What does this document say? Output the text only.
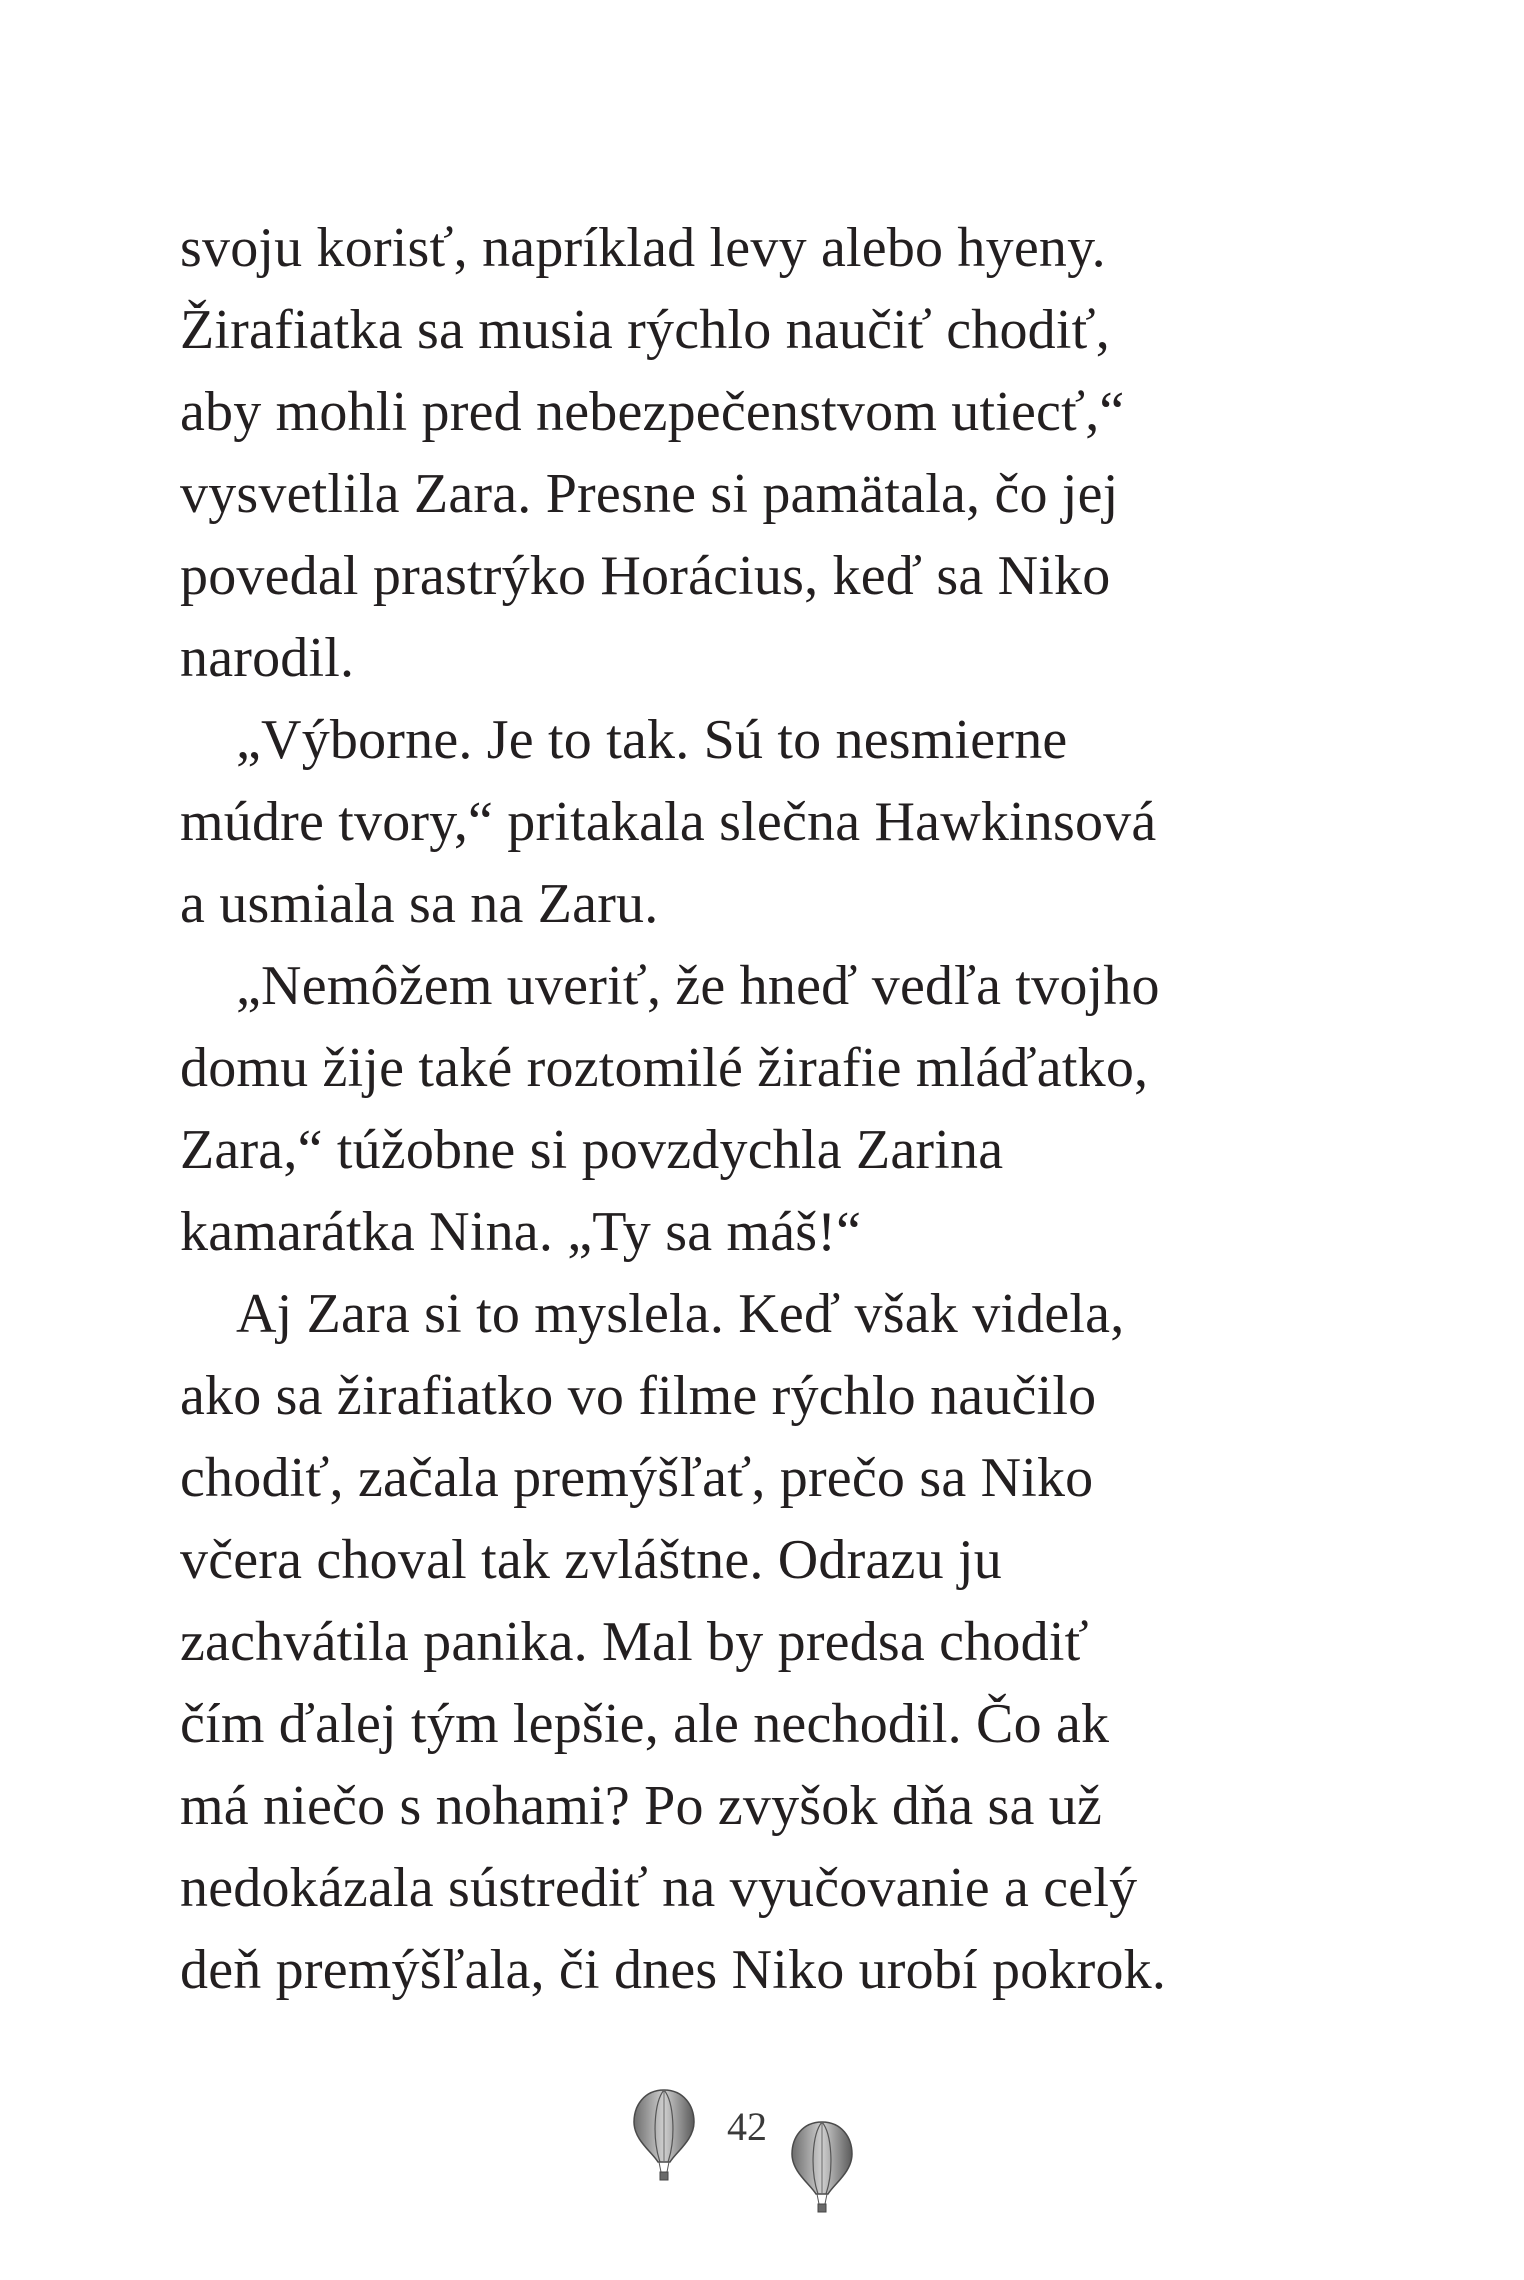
svoju korisť, napríklad levy alebo hyeny.
Žirafiatka sa musia rýchlo naučiť chodiť,
aby mohli pred nebezpečenstvom utiecť,“
vysvetlila Zara. Presne si pamätala, čo jej
povedal prastrýko Horácius, keď sa Niko
narodil.
„Výborne. Je to tak. Sú to nesmierne
múdre tvory,“ pritakala slečna Hawkinsová
a usmiala sa na Zaru.
„Nemôžem uveriť, že hneď vedľa tvojho
domu žije také roztomilé žirafie mláďatko,
Zara,“ túžobne si povzdychla Zarina
kamarátka Nina. „Ty sa máš!“
Aj Zara si to myslela. Keď však videla,
ako sa žirafiatko vo filme rýchlo naučilo
chodiť, začala premýšľať, prečo sa Niko
včera choval tak zvláštne. Odrazu ju
zachvátila panika. Mal by predsa chodiť
čím ďalej tým lepšie, ale nechodil. Čo ak
má niečo s nohami? Po zvyšok dňa sa už
nedokázala sústrediť na vyučovanie a celý
deň premýšľala, či dnes Niko urobí pokrok.
42
